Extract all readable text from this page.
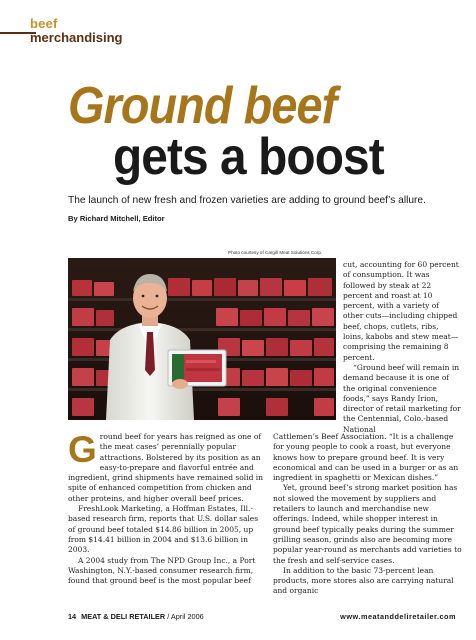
beef
merchandising
Ground beef
gets a boost
The launch of new fresh and frozen varieties are adding to ground beef’s allure.
By Richard Mitchell, Editor
Photo courtesy of Cargill Meat Solutions Corp.

cut, accounting for 60 percent of consumption. It was followed by steak at 22 percent and roast at 10 percent, with a variety of other cuts—including chipped beef, chops, cutlets, ribs, loins, kabobs and stew meat—comprising the remaining 8 percent.

“Ground beef will remain in demand because it is one of the original convenience foods,” says Randy Irion, director of retail marketing for the Centennial, Colo.-based National

G round beef for years has reigned as one of the meat cases’ perennially popular attractions. Bolstered by its position as an easy-to-prepare and flavorful entrée and ingredient, grind shipments have remained solid in spite of enhanced competition from chicken and other proteins, and higher overall beef prices.

FreshLook Marketing, a Hoffman Estates, Ill.-based research firm, reports that U.S. dollar sales of ground beef totaled $14.86 billion in 2005, up from $14.41 billion in 2004 and $13.6 billion in 2003.

A 2004 study from The NPD Group Inc., a Port Washington, N.Y.-based consumer research firm, found that ground beef is the most popular beef

Cattlemen’s Beef Association. “It is a challenge for young people to cook a roast, but everyone knows how to prepare ground beef. It is very economical and can be used in a burger or as an ingredient in spaghetti or Mexican dishes.”

Yet, ground beef’s strong market position has not slowed the movement by suppliers and retailers to launch and merchandise new offerings. Indeed, while shopper interest in ground beef typically peaks during the summer grilling season, grinds also are becoming more popular year-round as merchants add varieties to the fresh and self-service cases.

In addition to the basic 73-percent lean products, more stores also are carrying natural and organic

14 MEAT & DELI RETAILER / April 2006	www.meatanddeliretailer.com
